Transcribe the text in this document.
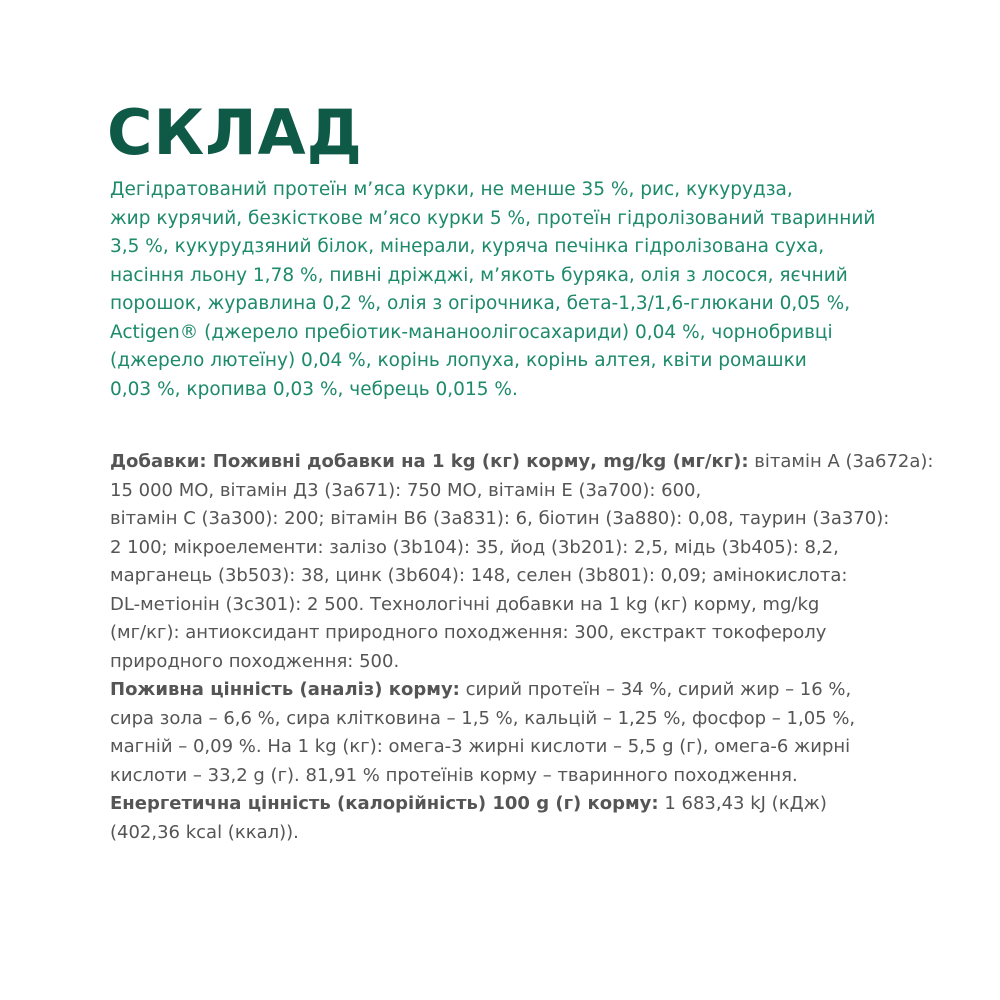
СКЛАД

Дегідратований протеїн м’яса курки, не менше 35 %, рис, кукурудза,
жир курячий, безкісткове м’ясо курки 5 %, протеїн гідролізований тваринний
3,5 %, кукурудзяний білок, мінерали, куряча печінка гідролізована суха,
насіння льону 1,78 %, пивні дріжджі, м’якоть буряка, олія з лосося, яєчний
порошок, журавлина 0,2 %, олія з огірочника, бета-1,3/1,6-глюкани 0,05 %,
Actigen® (джерело пребіотик-мананоолігосахариди) 0,04 %, чорнобривці
(джерело лютеїну) 0,04 %, корінь лопуха, корінь алтея, квіти ромашки
0,03 %, кропива 0,03 %, чебрець 0,015 %.

Добавки: Поживні добавки на 1 kg (кг) корму, mg/kg (мг/кг): вітамін А (3а672а):
15 000 МО, вітамін Д3 (3а671): 750 МО, вітамін Е (3а700): 600,
вітамін С (3а300): 200; вітамін В6 (3а831): 6, біотин (3а880): 0,08, таурин (3а370):
2 100; мікроелементи: залізо (3b104): 35, йод (3b201): 2,5, мідь (3b405): 8,2,
марганець (3b503): 38, цинк (3b604): 148, селен (3b801): 0,09; амінокислота:
DL-метіонін (3с301): 2 500. Технологічні добавки на 1 kg (кг) корму, mg/kg
(мг/кг): антиоксидант природного походження: 300, екстракт токоферолу
природного походження: 500.
Поживна цінність (аналіз) корму: сирий протеїн – 34 %, сирий жир – 16 %,
сира зола – 6,6 %, сира клітковина – 1,5 %, кальцій – 1,25 %, фосфор – 1,05 %,
магній – 0,09 %. На 1 kg (кг): омега-3 жирні кислоти – 5,5 g (г), омега-6 жирні
кислоти – 33,2 g (г). 81,91 % протеїнів корму – тваринного походження.
Енергетична цінність (калорійність) 100 g (г) корму: 1 683,43 kJ (кДж)
(402,36 kcal (ккал)).
